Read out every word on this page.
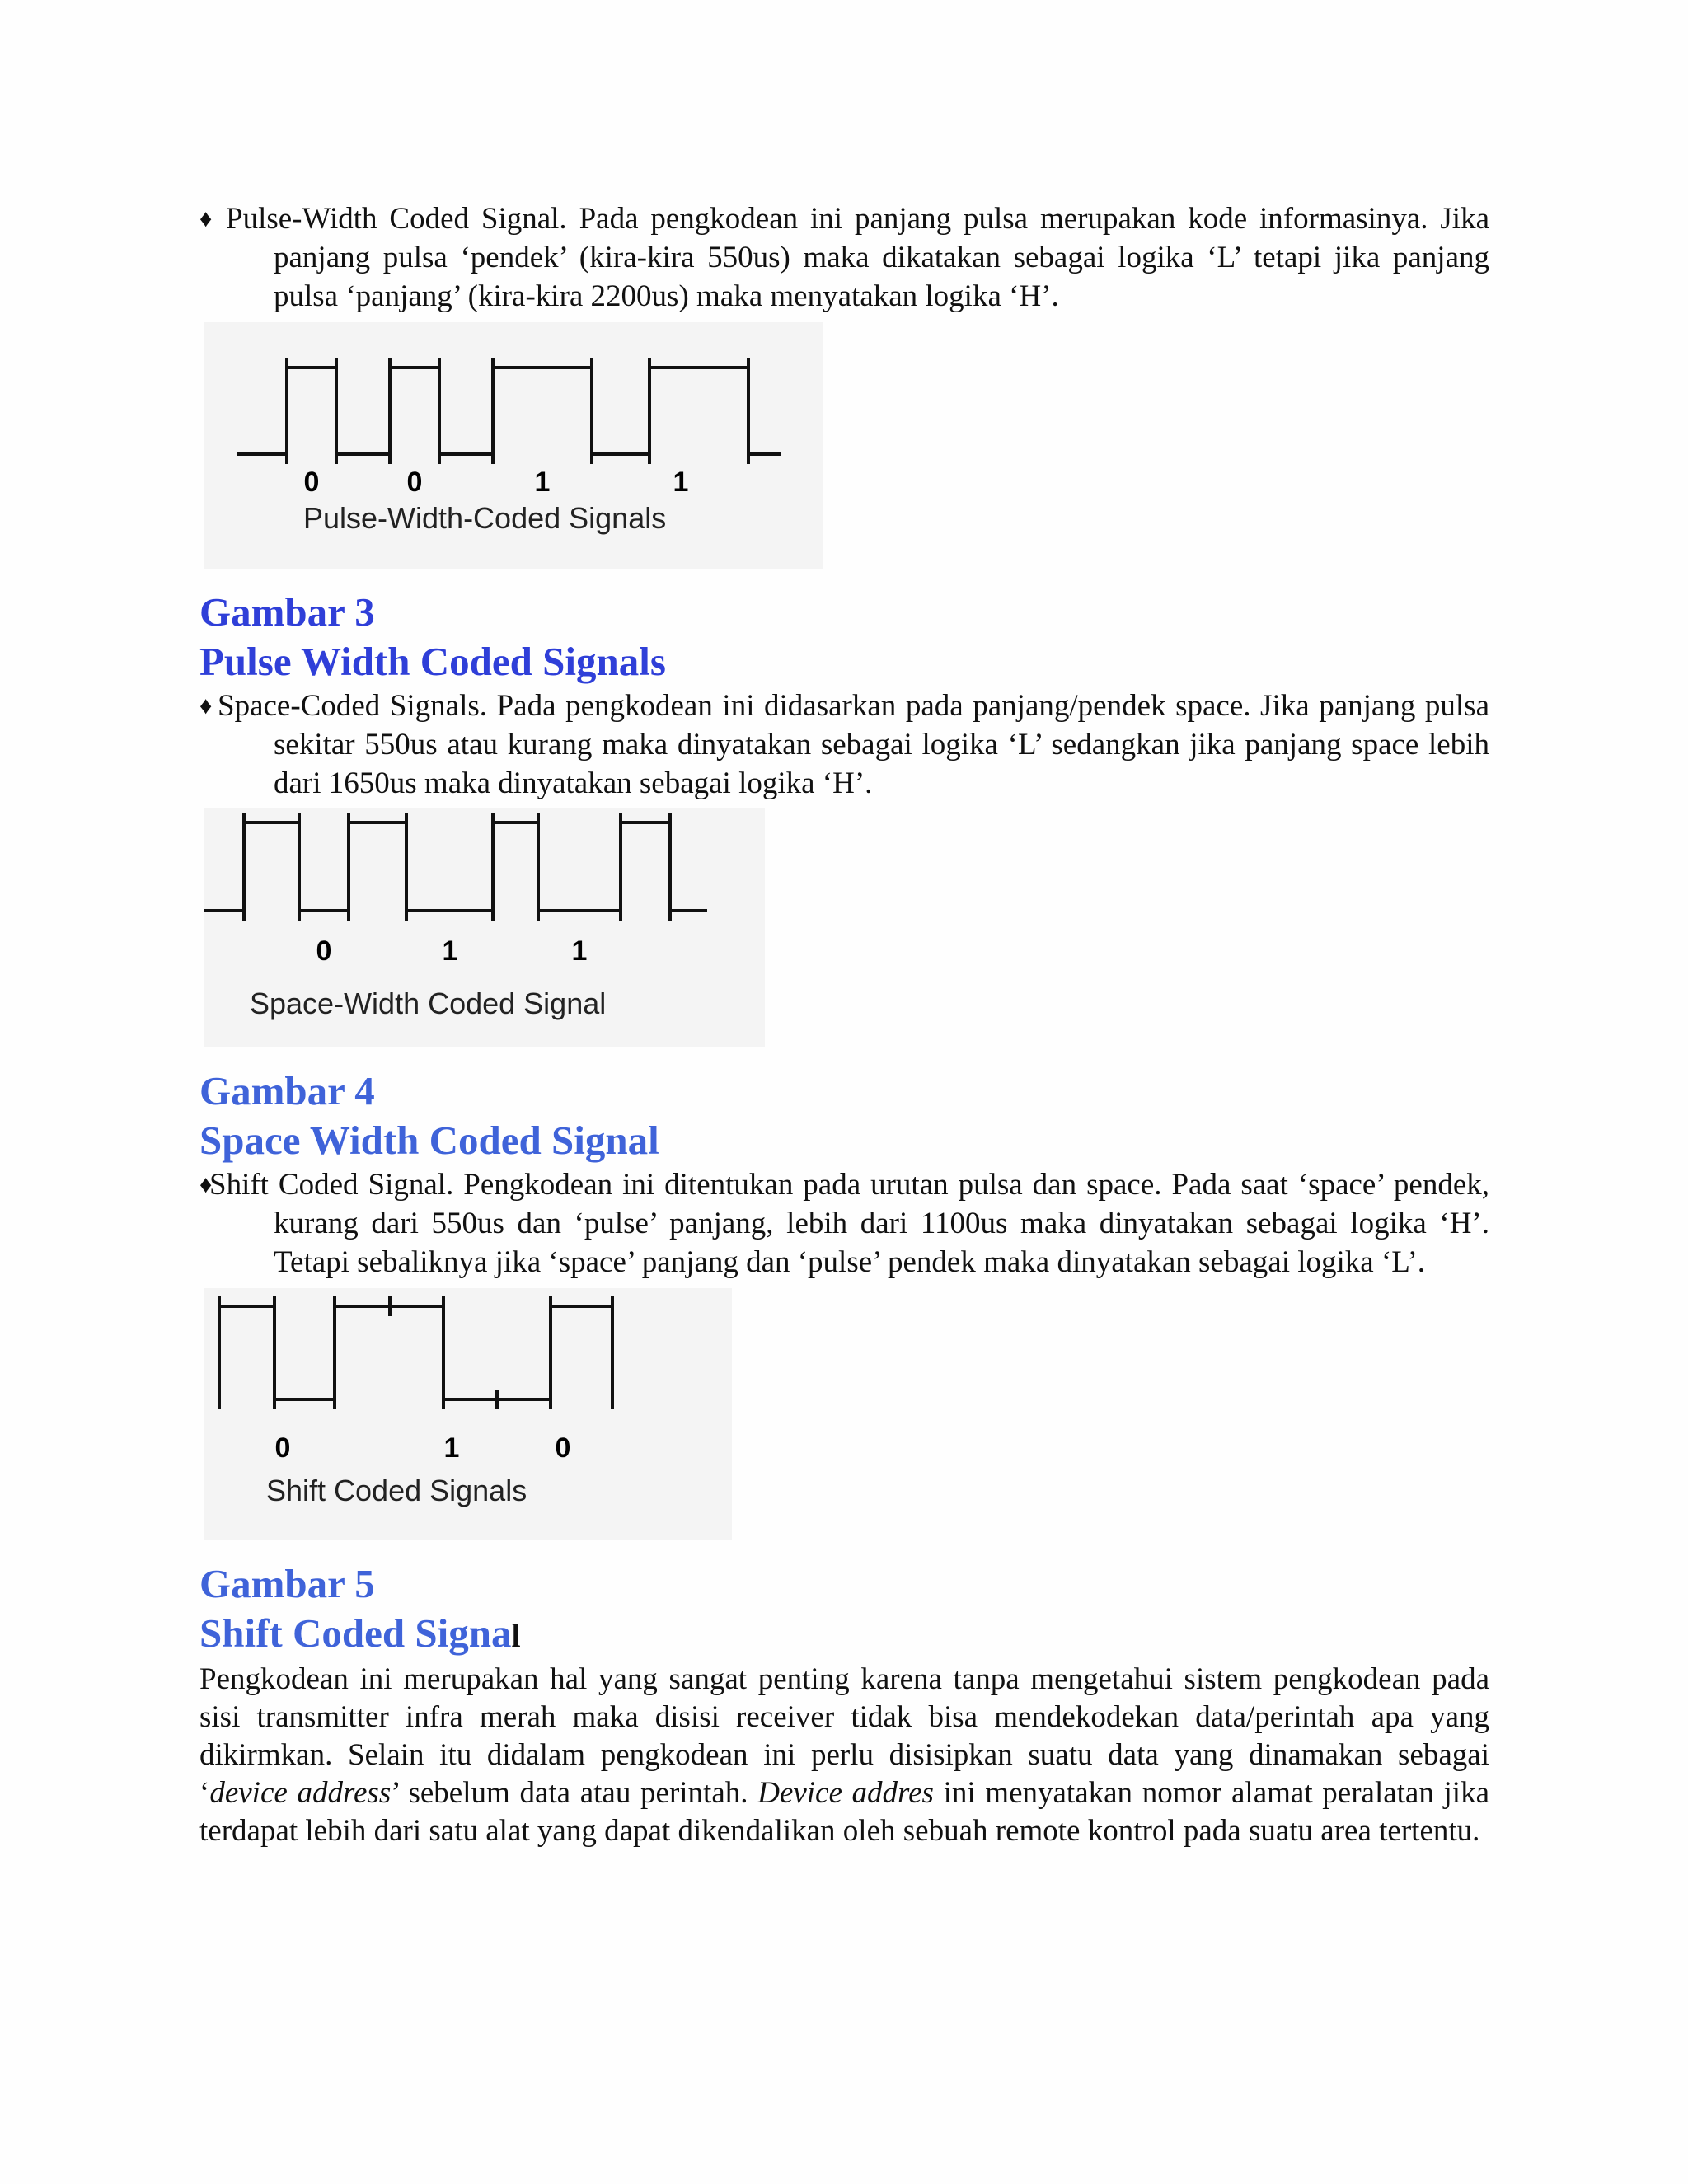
♦ Pulse-Width Coded Signal. Pada pengkodean ini panjang pulsa merupakan kode informasinya. Jika panjang pulsa ‘pendek’ (kira-kira 550us) maka dikatakan sebagai logika ‘L’ tetapi jika panjang pulsa ‘panjang’ (kira-kira 2200us) maka menyatakan logika ‘H’.

0	0	1	1
Pulse-Width-Coded Signals

Gambar 3

Pulse Width Coded Signals

♦ Space-Coded Signals. Pada pengkodean ini didasarkan pada panjang/pendek space. Jika panjang pulsa sekitar 550us atau kurang maka dinyatakan sebagai logika ‘L’ sedangkan jika panjang space lebih dari 1650us maka dinyatakan sebagai logika ‘H’.

0	1	1
Space-Width Coded Signal

Gambar 4

Space Width Coded Signal

♦

Shift Coded Signal. Pengkodean ini ditentukan pada urutan pulsa dan space. Pada saat ‘space’ pendek, kurang dari 550us dan ‘pulse’ panjang, lebih dari 1100us maka dinyatakan sebagai logika ‘H’. Tetapi sebaliknya jika ‘space’ panjang dan ‘pulse’ pendek maka dinyatakan sebagai logika ‘L’.

0	1	0
Shift Coded Signals

Gambar 5

Shift Coded Signal

Pengkodean ini merupakan hal yang sangat penting karena tanpa mengetahui sistem pengkodean pada sisi transmitter infra merah maka disisi receiver tidak bisa mendekodekan data/perintah apa yang dikirmkan. Selain itu didalam pengkodean ini perlu disisipkan suatu data yang dinamakan sebagai ‘device address’ sebelum data atau perintah. Device addres ini menyatakan nomor alamat peralatan jika terdapat lebih dari satu alat yang dapat dikendalikan oleh sebuah remote kontrol pada suatu area tertentu.
